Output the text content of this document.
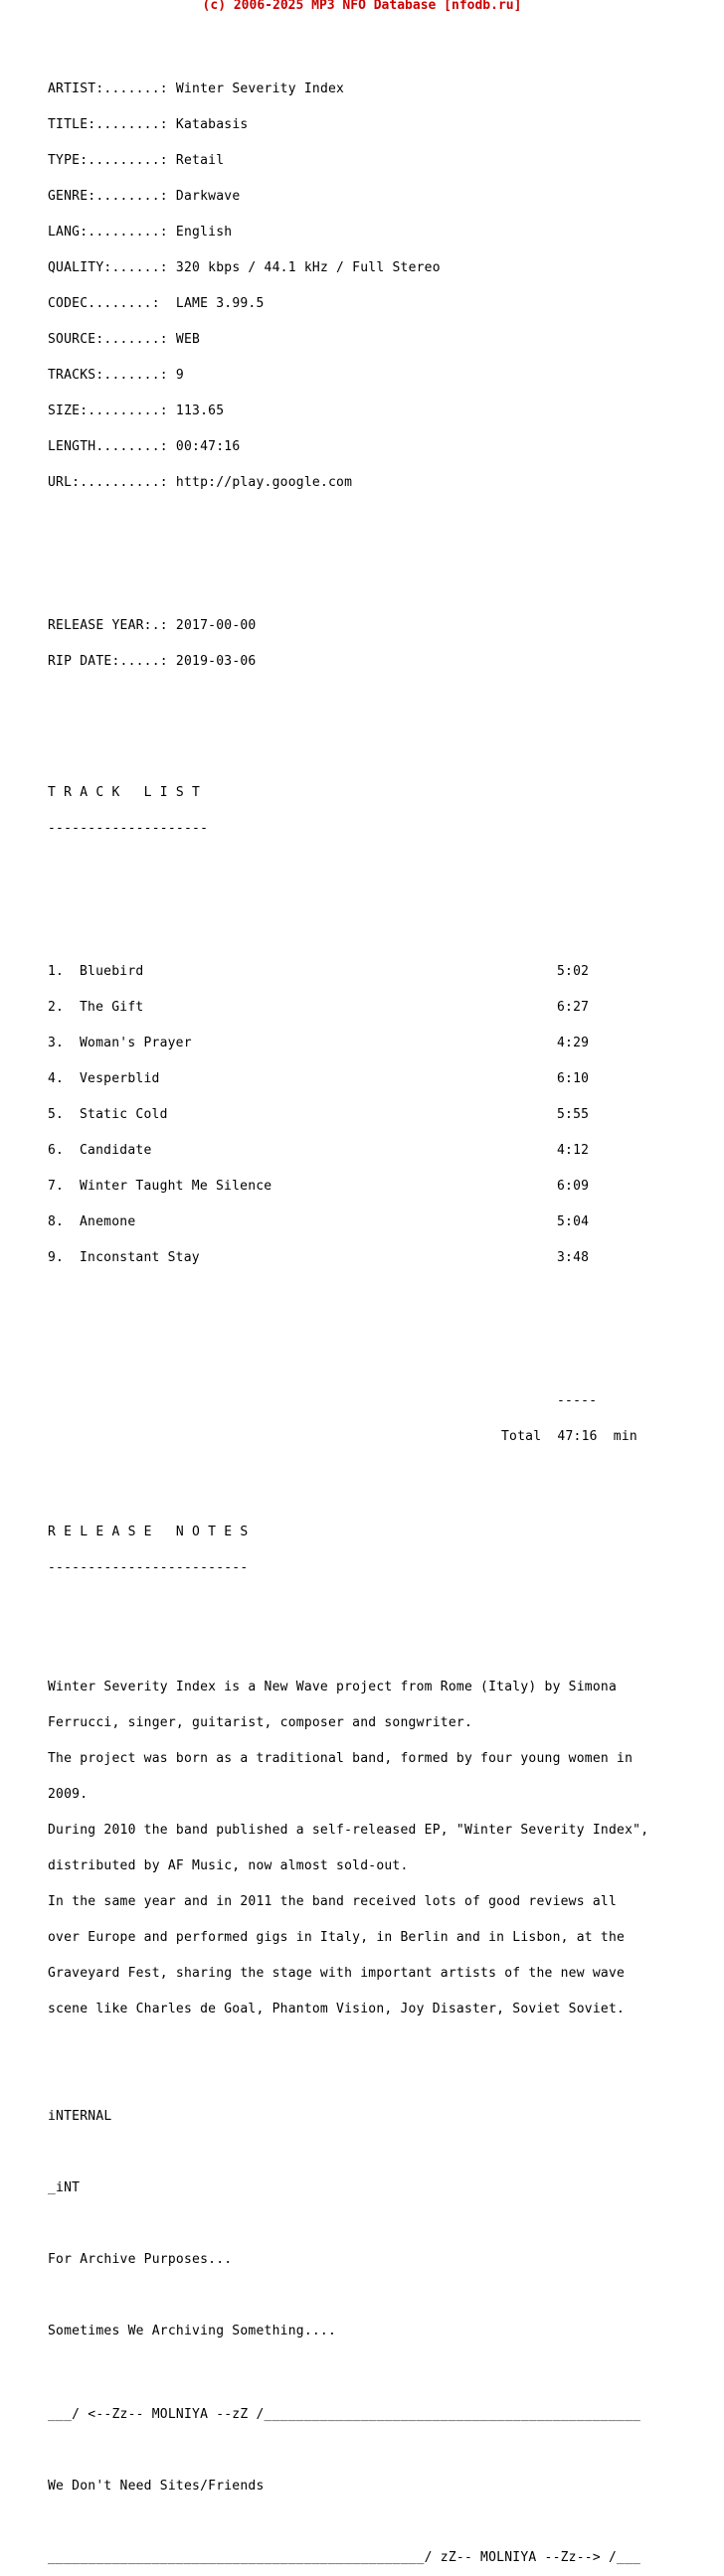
(c) 2006-2025 MP3 NFO Database [nfodb.ru]

ARTIST:.......: Winter Severity Index

TITLE:........: Katabasis

TYPE:.........: Retail

GENRE:........: Darkwave

LANG:.........: English

QUALITY:......: 320 kbps / 44.1 kHz / Full Stereo

CODEC........: LAME 3.99.5

SOURCE:.......: WEB

TRACKS:.......: 9

SIZE:.........: 113.65

LENGTH........: 00:47:16

URL:..........: http://play.google.com

RELEASE YEAR:.: 2017-00-00

RIP DATE:.....: 2019-03-06

T R A C K   L I S T

--------------------

1. Bluebird	5:02

2. The Gift	6:27

3. Woman's Prayer	4:29

4. Vesperblid	6:10

5. Static Cold	5:55

6. Candidate	4:12

7. Winter Taught Me Silence	6:09

8. Anemone	5:04

9. Inconstant Stay	3:48

-----

Total  47:16  min

R E L E A S E   N O T E S

-------------------------

Winter Severity Index is a New Wave project from Rome (Italy) by Simona

Ferrucci, singer, guitarist, composer and songwriter.

The project was born as a traditional band, formed by four young women in

2009.

During 2010 the band published a self-released EP, "Winter Severity Index",

distributed by AF Music, now almost sold-out.

In the same year and in 2011 the band received lots of good reviews all

over Europe and performed gigs in Italy, in Berlin and in Lisbon, at the

Graveyard Fest, sharing the stage with important artists of the new wave

scene like Charles de Goal, Phantom Vision, Joy Disaster, Soviet Soviet.

iNTERNAL

_iNT

For Archive Purposes...

Sometimes We Archiving Something....

___/ <--Zz-- MOLNIYA --zZ /_______________________________________________

We Don't Need Sites/Friends

_______________________________________________/ zZ-- MOLNIYA --Zz--> /___
